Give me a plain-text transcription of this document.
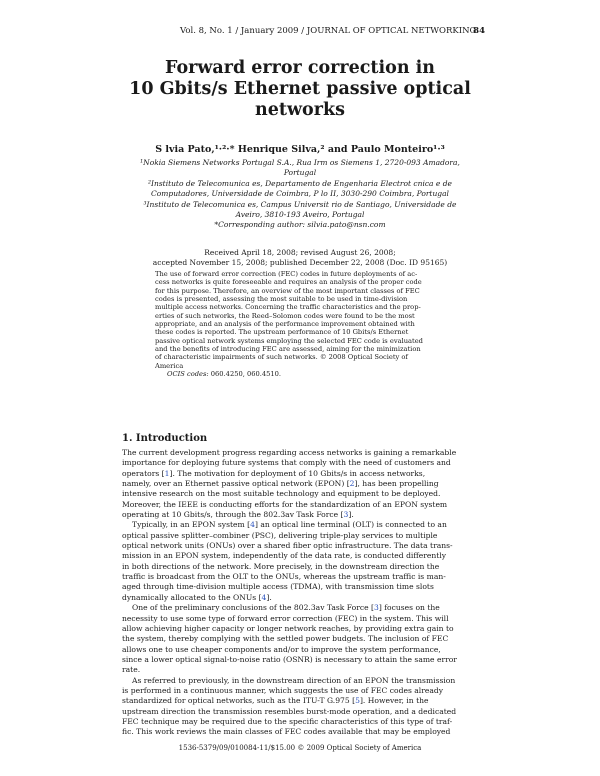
Vol. 8, No. 1 / January 2009 / JOURNAL OF OPTICAL NETWORKING
84
Forward error correction in
10 Gbits/s Ethernet passive optical
networks
S lvia Pato,¹·²·* Henrique Silva,² and Paulo Monteiro¹·³
¹Nokia Siemens Networks Portugal S.A., Rua Irm os Siemens 1, 2720-093 Amadora,
Portugal
²Instituto de Telecomunica es, Departamento de Engenharia Electrot cnica e de
Computadores, Universidade de Coimbra, P lo II, 3030-290 Coimbra, Portugal
³Instituto de Telecomunica es, Campus Universit rio de Santiago, Universidade de
Aveiro, 3810-193 Aveiro, Portugal
*Corresponding author: silvia.pato@nsn.com
Received April 18, 2008; revised August 26, 2008;
accepted November 15, 2008; published December 22, 2008 (Doc. ID 95165)
The use of forward error correction (FEC) codes in future deployments of ac-
cess networks is quite foreseeable and requires an analysis of the proper code
for this purpose. Therefore, an overview of the most important classes of FEC
codes is presented, assessing the most suitable to be used in time-division
multiple access networks. Concerning the traffic characteristics and the prop-
erties of such networks, the Reed–Solomon codes were found to be the most
appropriate, and an analysis of the performance improvement obtained with
these codes is reported. The upstream performance of 10 Gbits/s Ethernet
passive optical network systems employing the selected FEC code is evaluated
and the benefits of introducing FEC are assessed, aiming for the minimization
of characteristic impairments of such networks. © 2008 Optical Society of
America
OCIS codes: 060.4250, 060.4510.
1. Introduction
The current development progress regarding access networks is gaining a remarkable
importance for deploying future systems that comply with the need of customers and
operators [1]. The motivation for deployment of 10 Gbits/s in access networks,
namely, over an Ethernet passive optical network (EPON) [2], has been propelling
intensive research on the most suitable technology and equipment to be deployed.
Moreover, the IEEE is conducting efforts for the standardization of an EPON system
operating at 10 Gbits/s, through the 802.3av Task Force [3].
Typically, in an EPON system [4] an optical line terminal (OLT) is connected to an
optical passive splitter–combiner (PSC), delivering triple-play services to multiple
optical network units (ONUs) over a shared fiber optic infrastructure. The data trans-
mission in an EPON system, independently of the data rate, is conducted differently
in both directions of the network. More precisely, in the downstream direction the
traffic is broadcast from the OLT to the ONUs, whereas the upstream traffic is man-
aged through time-division multiple access (TDMA), with transmission time slots
dynamically allocated to the ONUs [4].
One of the preliminary conclusions of the 802.3av Task Force [3] focuses on the
necessity to use some type of forward error correction (FEC) in the system. This will
allow achieving higher capacity or longer network reaches, by providing extra gain to
the system, thereby complying with the settled power budgets. The inclusion of FEC
allows one to use cheaper components and/or to improve the system performance,
since a lower optical signal-to-noise ratio (OSNR) is necessary to attain the same error
rate.
As referred to previously, in the downstream direction of an EPON the transmission
is performed in a continuous manner, which suggests the use of FEC codes already
standardized for optical networks, such as the ITU-T G.975 [5]. However, in the
upstream direction the transmission resembles burst-mode operation, and a dedicated
FEC technique may be required due to the specific characteristics of this type of traf-
fic. This work reviews the main classes of FEC codes available that may be employed
1536-5379/09/010084-11/$15.00 © 2009 Optical Society of America
